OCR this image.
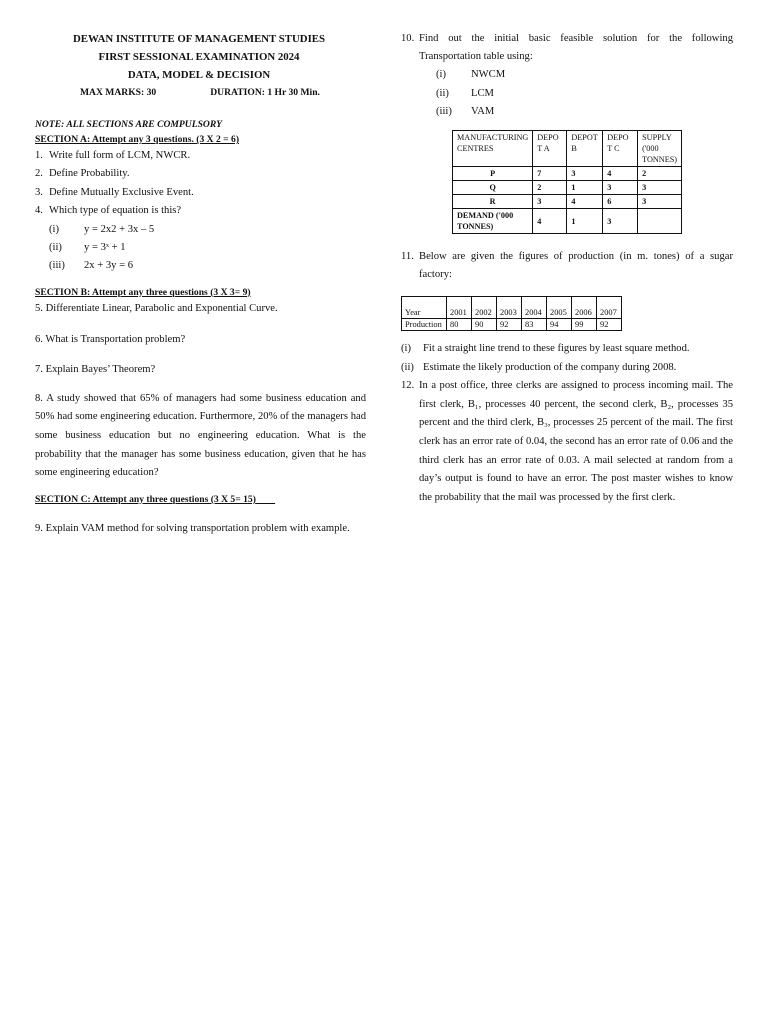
DEWAN INSTITUTE OF MANAGEMENT STUDIES
FIRST SESSIONAL EXAMINATION 2024
DATA, MODEL & DECISION
MAX MARKS: 30	DURATION: 1 Hr 30 Min.
NOTE: ALL SECTIONS ARE COMPULSORY
SECTION A: Attempt any 3 questions. (3 X 2 = 6)
1. Write full form of LCM, NWCR.
2. Define Probability.
3. Define Mutually Exclusive Event.
4. Which type of equation is this?
(i)	y = 2x2 + 3x – 5
(ii)	y = 3ˣ + 1
(iii)	2x + 3y = 6
SECTION B: Attempt any three questions (3 X 3= 9)
5. Differentiate Linear, Parabolic and Exponential Curve.
6. What is Transportation problem?
7. Explain Bayes’ Theorem?
8. A study showed that 65% of managers had some business education and 50% had some engineering education. Furthermore, 20% of the managers had some business education but no engineering education. What is the probability that the manager has some business education, given that he has some engineering education?
SECTION C: Attempt any three questions (3 X 5= 15)
9. Explain VAM method for solving transportation problem with example.
10. Find out the initial basic feasible solution for the following
Transportation table using:
(i)	NWCM
(ii)	LCM
(iii)	VAM
MANUFACTURING CENTRES	DEPO T A	DEPOT B	DEPO T C	SUPPLY ('000 TONNES)
P	7	3	4	2
Q	2	1	3	3
R	3	4	6	3
DEMAND ('000 TONNES)	4	1	3	
11. Below are given the figures of production (in m. tones) of a sugar
factory:
Year	2001	2002	2003	2004	2005	2006	2007
Production	80	90	92	83	94	99	92
(i)	Fit a straight line trend to these figures by least square method.
(ii) Estimate the likely production of the company during 2008.
12. In a post office, three clerks are assigned to process incoming mail. The first clerk, B₁, processes 40 percent, the second clerk, B₂, processes 35 percent and the third clerk, B₃, processes 25 percent of the mail. The first clerk has an error rate of 0.04, the second has an error rate of 0.06 and the third clerk has an error rate of 0.03. A mail selected at random from a day’s output is found to have an error. The post master wishes to know the probability that the mail was processed by the first clerk.
